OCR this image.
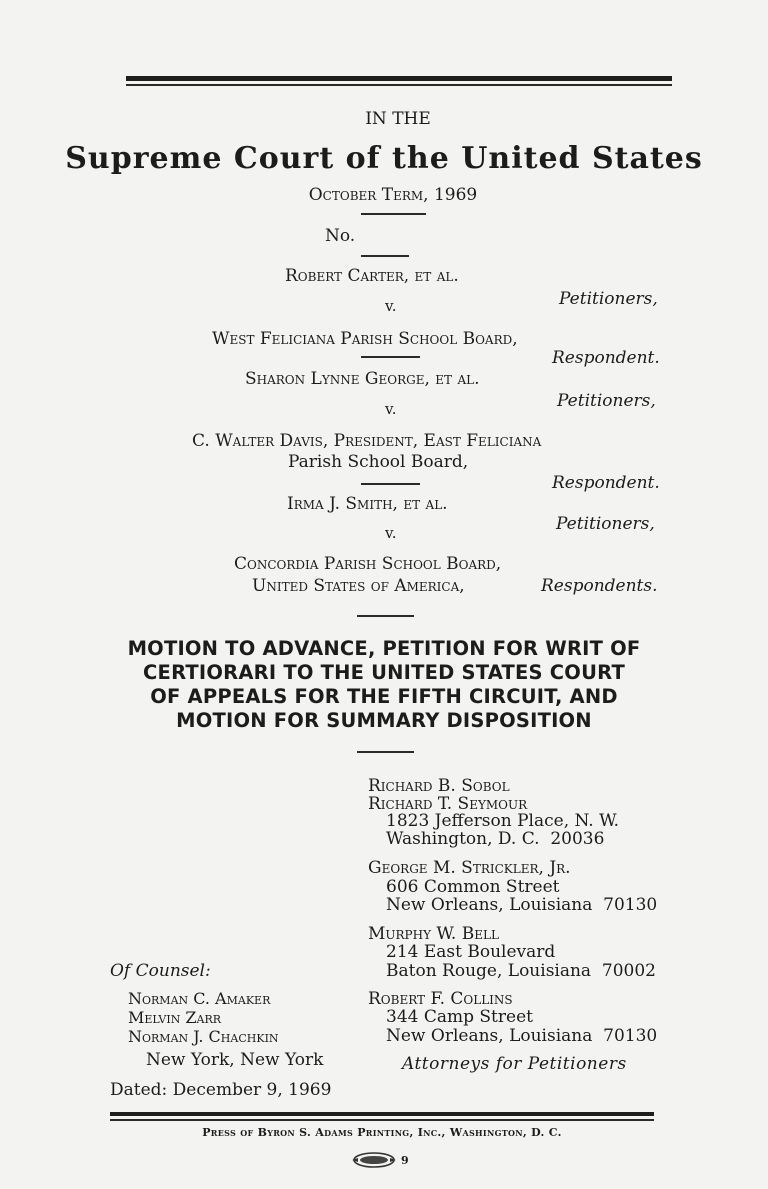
IN THE
Supreme Court of the United States
October Term, 1969
No.
Robert Carter, et al.
Petitioners,
v.
West Feliciana Parish School Board,
Respondent.
Sharon Lynne George, et al.
Petitioners,
v.
C. Walter Davis, President, East Feliciana
Parish School Board,
Respondent.
Irma J. Smith, et al.
Petitioners,
v.
Concordia Parish School Board,
United States of America,	Respondents.
MOTION TO ADVANCE, PETITION FOR WRIT OF
CERTIORARI TO THE UNITED STATES COURT
OF APPEALS FOR THE FIFTH CIRCUIT, AND
MOTION FOR SUMMARY DISPOSITION
Richard B. Sobol
Richard T. Seymour
1823 Jefferson Place, N. W.
Washington, D. C.  20036
George M. Strickler, Jr.
606 Common Street
New Orleans, Louisiana  70130
Murphy W. Bell
214 East Boulevard
Baton Rouge, Louisiana  70002
Robert F. Collins
344 Camp Street
New Orleans, Louisiana  70130
Attorneys for Petitioners
Of Counsel:
Norman C. Amaker
Melvin Zarr
Norman J. Chachkin
New York, New York
Dated: December 9, 1969
Press of Byron S. Adams Printing, Inc., Washington, D. C.
9
